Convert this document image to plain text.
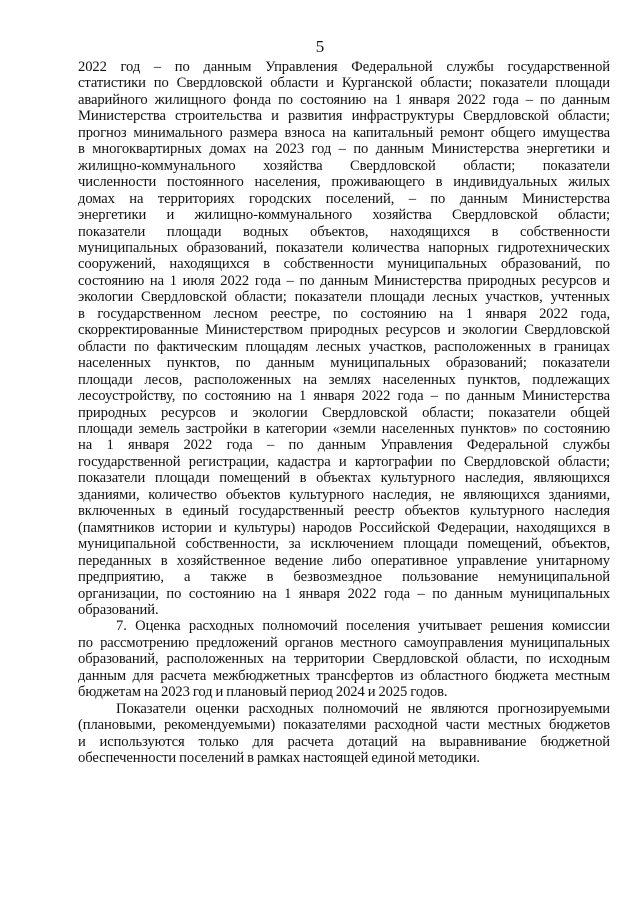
5
2022 год – по данным Управления Федеральной службы государственной
статистики по Свердловской области и Курганской области; показатели площади
аварийного жилищного фонда по состоянию на 1 января 2022 года – по данным
Министерства строительства и развития инфраструктуры Свердловской области;
прогноз минимального размера взноса на капитальный ремонт общего имущества
в многоквартирных домах на 2023 год – по данным Министерства энергетики и
жилищно-коммунального хозяйства Свердловской области; показатели
численности постоянного населения, проживающего в индивидуальных жилых
домах на территориях городских поселений, – по данным Министерства
энергетики и жилищно-коммунального хозяйства Свердловской области;
показатели площади водных объектов, находящихся в собственности
муниципальных образований, показатели количества напорных гидротехнических
сооружений, находящихся в собственности муниципальных образований, по
состоянию на 1 июля 2022 года – по данным Министерства природных ресурсов и
экологии Свердловской области; показатели площади лесных участков, учтенных
в государственном лесном реестре, по состоянию на 1 января 2022 года,
скорректированные Министерством природных ресурсов и экологии Свердловской
области по фактическим площадям лесных участков, расположенных в границах
населенных пунктов, по данным муниципальных образований; показатели
площади лесов, расположенных на землях населенных пунктов, подлежащих
лесоустройству, по состоянию на 1 января 2022 года – по данным Министерства
природных ресурсов и экологии Свердловской области; показатели общей
площади земель застройки в категории «земли населенных пунктов» по состоянию
на 1 января 2022 года – по данным Управления Федеральной службы
государственной регистрации, кадастра и картографии по Свердловской области;
показатели площади помещений в объектах культурного наследия, являющихся
зданиями, количество объектов культурного наследия, не являющихся зданиями,
включенных в единый государственный реестр объектов культурного наследия
(памятников истории и культуры) народов Российской Федерации, находящихся в
муниципальной собственности, за исключением площади помещений, объектов,
переданных в хозяйственное ведение либо оперативное управление унитарному
предприятию, а также в безвозмездное пользование немуниципальной
организации, по состоянию на 1 января 2022 года – по данным муниципальных
образований.
7. Оценка расходных полномочий поселения учитывает решения комиссии
по рассмотрению предложений органов местного самоуправления муниципальных
образований, расположенных на территории Свердловской области, по исходным
данным для расчета межбюджетных трансфертов из областного бюджета местным
бюджетам на 2023 год и плановый период 2024 и 2025 годов.
Показатели оценки расходных полномочий не являются прогнозируемыми
(плановыми, рекомендуемыми) показателями расходной части местных бюджетов
и используются только для расчета дотаций на выравнивание бюджетной
обеспеченности поселений в рамках настоящей единой методики.
